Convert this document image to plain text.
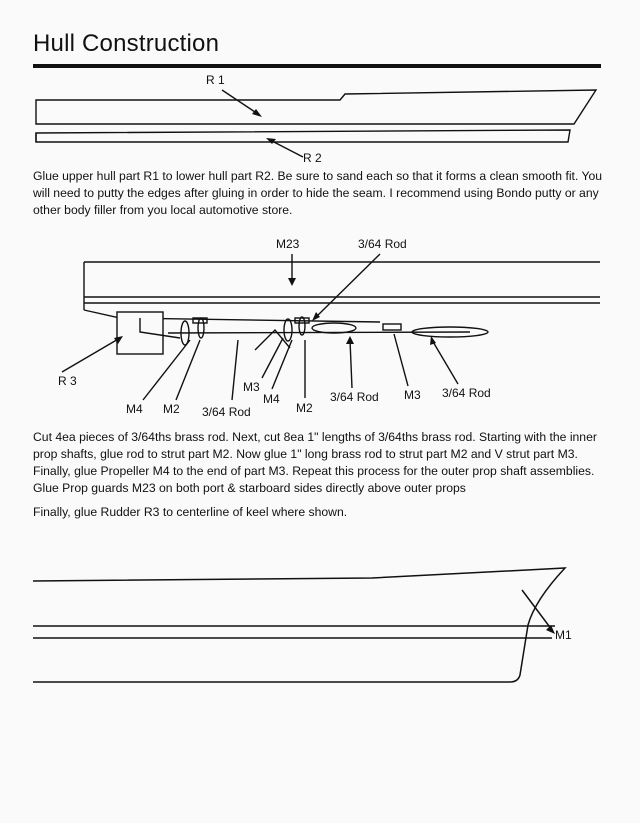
Hull Construction
R 1
R 2

Glue upper hull part R1 to lower hull part R2. Be sure to sand each so that it forms a clean smooth fit. You will need to putty the edges after gluing in order to hide the seam. I recommend using Bondo putty or any other body filler from you local automotive store.

M23	3/64 Rod
R 3
M4 M2 3/64 Rod
M3
M4
M2
3/64 Rod M3 3/64 Rod

Cut 4ea pieces of 3/64ths brass rod. Next, cut 8ea 1" lengths of 3/64ths brass rod. Starting with the inner prop shafts, glue rod to strut part M2. Now glue 1" long brass rod to strut part M2 and V strut part M3. Finally, glue Propeller M4 to the end of part M3. Repeat this process for the outer prop shaft assemblies. Glue Prop guards M23 on both port & starboard sides directly above outer props

Finally, glue Rudder R3 to centerline of keel where shown.

M1
